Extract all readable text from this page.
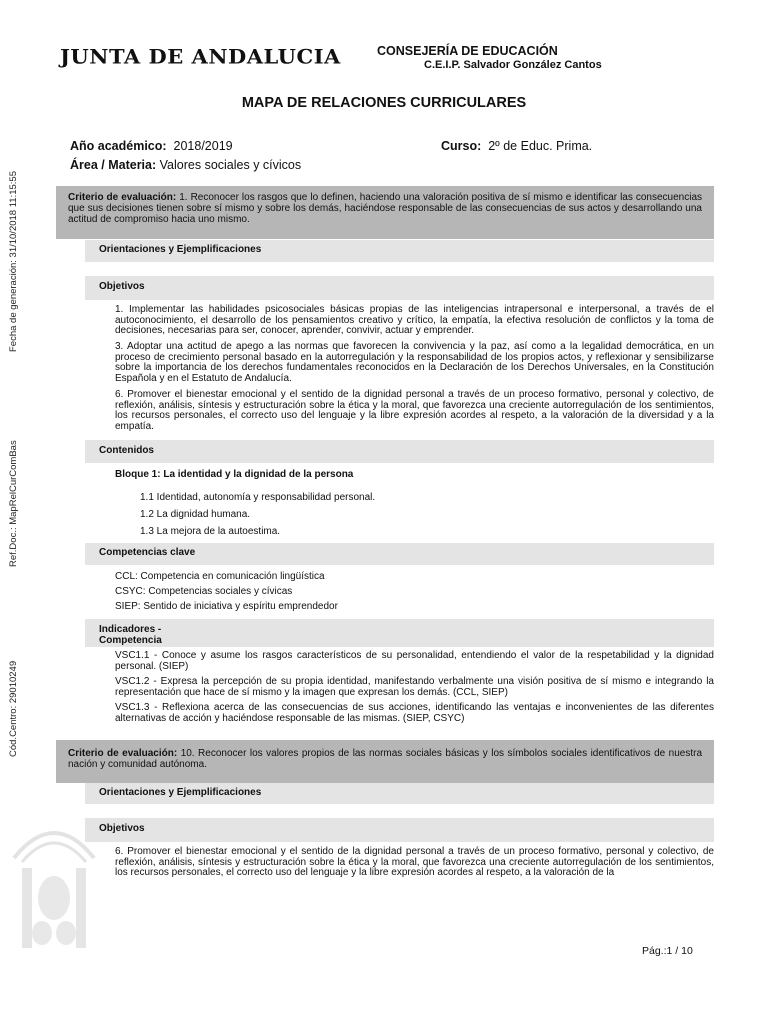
JUNTA DE ANDALUCIA	CONSEJERÍA DE EDUCACIÓN
C.E.I.P. Salvador González Cantos
MAPA DE RELACIONES CURRICULARES
Año académico: 2018/2019	Curso: 2º de Educ. Prima.
Área / Materia: Valores sociales y cívicos
Fecha de generación: 31/10/2018 11:15:55
Ref.Doc.: MapRelCurComBas
Cód.Centro: 29010249
Criterio de evaluación: 1. Reconocer los rasgos que lo definen, haciendo una valoración positiva de sí mismo e identificar las consecuencias que sus decisiones tienen sobre sí mismo y sobre los demás, haciéndose responsable de las consecuencias de sus actos y desarrollando una actitud de compromiso hacia uno mismo.
Orientaciones y Ejemplificaciones
Objetivos
1. Implementar las habilidades psicosociales básicas propias de las inteligencias intrapersonal e interpersonal, a través de el autoconocimiento, el desarrollo de los pensamientos creativo y crítico, la empatía, la efectiva resolución de conflictos y la toma de decisiones, necesarias para ser, conocer, aprender, convivir, actuar y emprender.
3. Adoptar una actitud de apego a las normas que favorecen la convivencia y la paz, así como a la legalidad democrática, en un proceso de crecimiento personal basado en la autorregulación y la responsabilidad de los propios actos, y reflexionar y sensibilizarse sobre la importancia de los derechos fundamentales reconocidos en la Declaración de los Derechos Universales, en la Constitución Española y en el Estatuto de Andalucía.
6. Promover el bienestar emocional y el sentido de la dignidad personal a través de un proceso formativo, personal y colectivo, de reflexión, análisis, síntesis y estructuración sobre la ética y la moral, que favorezca una creciente autorregulación de los sentimientos, los recursos personales, el correcto uso del lenguaje y la libre expresión acordes al respeto, a la valoración de la diversidad y a la empatía.
Contenidos
Bloque 1: La identidad y la dignidad de la persona
1.1 Identidad, autonomía y responsabilidad personal.
1.2 La dignidad humana.
1.3 La mejora de la autoestima.
Competencias clave
CCL: Competencia en comunicación lingüística
CSYC: Competencias sociales y cívicas
SIEP: Sentido de iniciativa y espíritu emprendedor
Indicadores -
Competencia
VSC1.1 - Conoce y asume los rasgos característicos de su personalidad, entendiendo el valor de la respetabilidad y la dignidad personal. (SIEP)
VSC1.2 - Expresa la percepción de su propia identidad, manifestando verbalmente una visión positiva de sí mismo e integrando la representación que hace de sí mismo y la imagen que expresan los demás. (CCL, SIEP)
VSC1.3 - Reflexiona acerca de las consecuencias de sus acciones, identificando las ventajas e inconvenientes de las diferentes alternativas de acción y haciéndose responsable de las mismas. (SIEP, CSYC)
Criterio de evaluación: 10. Reconocer los valores propios de las normas sociales básicas y los símbolos sociales identificativos de nuestra nación y comunidad autónoma.
Orientaciones y Ejemplificaciones
Objetivos
6. Promover el bienestar emocional y el sentido de la dignidad personal a través de un proceso formativo, personal y colectivo, de reflexión, análisis, síntesis y estructuración sobre la ética y la moral, que favorezca una creciente autorregulación de los sentimientos, los recursos personales, el correcto uso del lenguaje y la libre expresión acordes al respeto, a la valoración de la
Pág.:1 / 10
